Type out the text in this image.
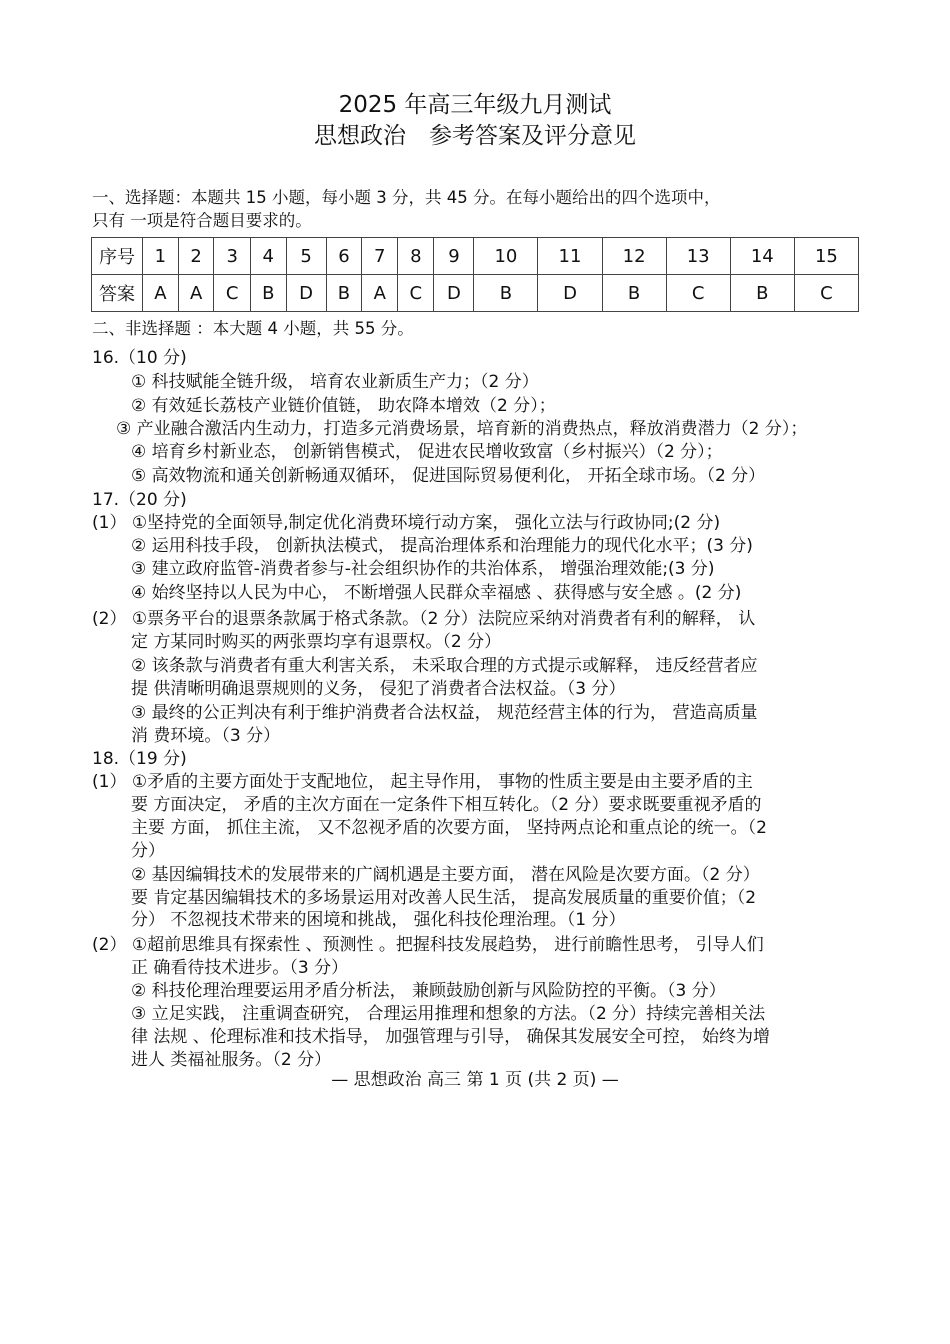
2025 年高三年级九月测试
思想政治　参考答案及评分意见
一、选择题：本题共 15 小题，每小题 3 分，共 45 分。在每小题给出的四个选项中，
只有 一项是符合题目要求的。
序号	1	2	3	4	5	6	7	8	9	10	11	12	13	14	15
答案	A	A	C	B	D	B	A	C	D	B	D	B	C	B	C
二、非选择题 ：本大题 4 小题，共 55 分。
16.（10 分)
① 科技赋能全链升级， 培育农业新质生产力；（2 分）
② 有效延长荔枝产业链价值链， 助农降本增效（2 分）；
③ 产业融合激活内生动力，打造多元消费场景，培育新的消费热点，释放消费潜力（2 分）；
④ 培育乡村新业态， 创新销售模式， 促进农民增收致富（乡村振兴）（2 分）；
⑤ 高效物流和通关创新畅通双循环， 促进国际贸易便利化， 开拓全球市场。（2 分）
17.（20 分)
(1） ①坚持党的全面领导,制定优化消费环境行动方案， 强化立法与行政协同;(2 分)
② 运用科技手段， 创新执法模式， 提高治理体系和治理能力的现代化水平；(3 分)
③ 建立政府监管-消费者参与-社会组织协作的共治体系， 增强治理效能;(3 分)
④ 始终坚持以人民为中心， 不断增强人民群众幸福感 、获得感与安全感 。(2 分)
(2） ①票务平台的退票条款属于格式条款。（2 分）法院应采纳对消费者有利的解释， 认
定 方某同时购买的两张票均享有退票权。（2 分）
② 该条款与消费者有重大利害关系， 未采取合理的方式提示或解释， 违反经营者应
提 供清晰明确退票规则的义务， 侵犯了消费者合法权益。（3 分）
③ 最终的公正判决有利于维护消费者合法权益， 规范经营主体的行为， 营造高质量
消 费环境。（3 分）
18.（19 分)
(1） ①矛盾的主要方面处于支配地位， 起主导作用， 事物的性质主要是由主要矛盾的主
要 方面决定， 矛盾的主次方面在一定条件下相互转化。（2 分）要求既要重视矛盾的
主要 方面， 抓住主流， 又不忽视矛盾的次要方面， 坚持两点论和重点论的统一。（2
分）
② 基因编辑技术的发展带来的广阔机遇是主要方面， 潜在风险是次要方面。（2 分）
要 肯定基因编辑技术的多场景运用对改善人民生活， 提高发展质量的重要价值；（2
分） 不忽视技术带来的困境和挑战， 强化科技伦理治理。（1 分）
(2） ①超前思维具有探索性 、预测性 。把握科技发展趋势， 进行前瞻性思考， 引导人们
正 确看待技术进步。（3 分）
② 科技伦理治理要运用矛盾分析法， 兼顾鼓励创新与风险防控的平衡。（3 分）
③ 立足实践， 注重调查研究， 合理运用推理和想象的方法。（2 分）持续完善相关法
律 法规 、伦理标准和技术指导， 加强管理与引导， 确保其发展安全可控， 始终为增
进人 类福祉服务。（2 分）
— 思想政治 高三 第 1 页 (共 2 页) —
